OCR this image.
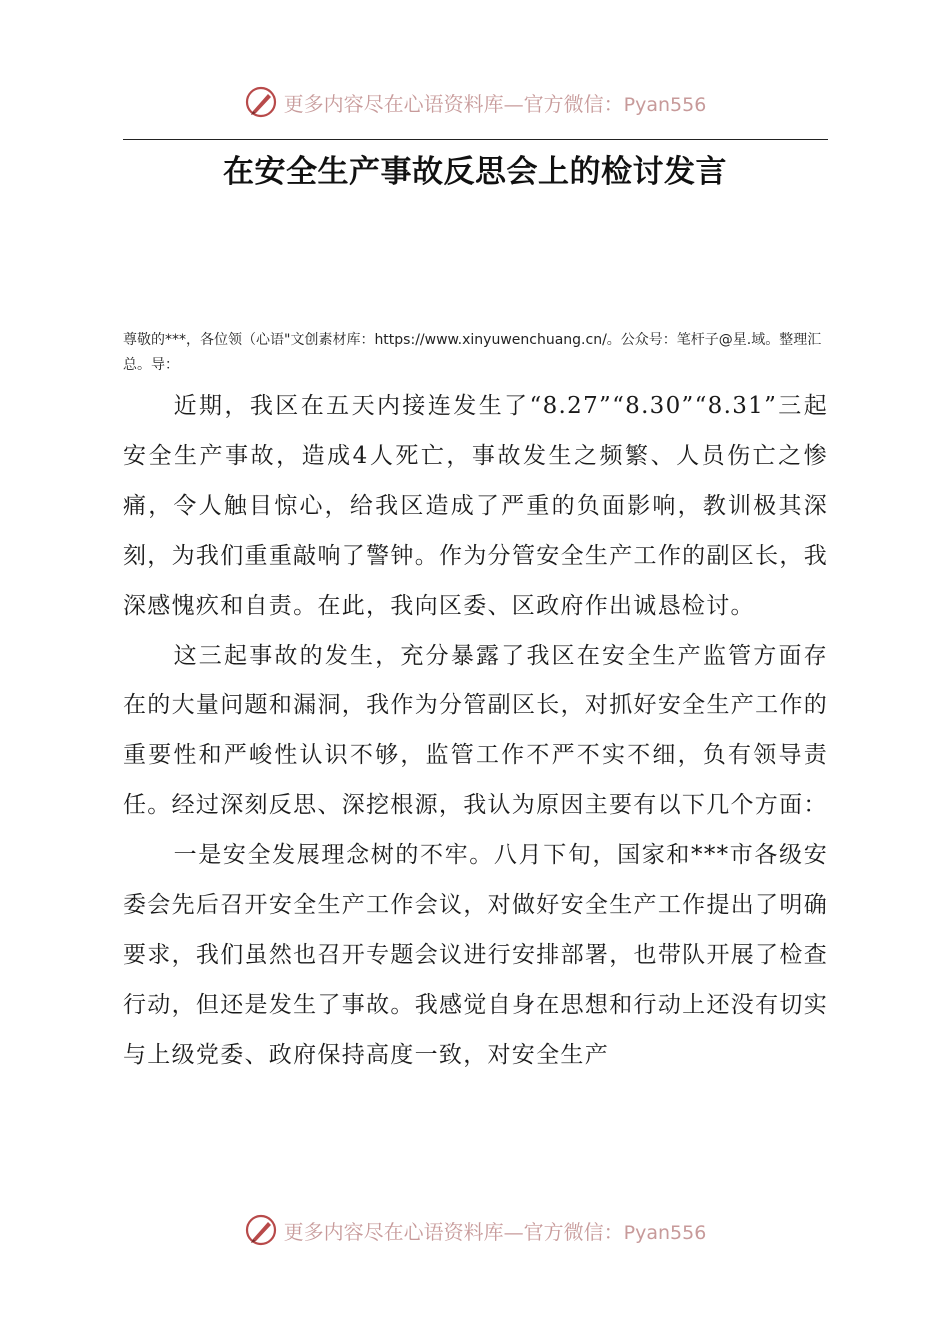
更多内容尽在心语资料库—官方微信：Pyan556
在安全生产事故反思会上的检讨发言
尊敬的***，各位领（心语"文创素材库：https://www.xinyuwenchuang.cn/。公众号：笔杆子@星.域。整理汇总。导：

近期，我区在五天内接连发生了“8.27”“8.30”“8.31”三起安全生产事故，造成4人死亡，事故发生之频繁、人员伤亡之惨痛，令人触目惊心，给我区造成了严重的负面影响，教训极其深刻，为我们重重敲响了警钟。作为分管安全生产工作的副区长，我深感愧疚和自责。在此，我向区委、区政府作出诚恳检讨。

这三起事故的发生，充分暴露了我区在安全生产监管方面存在的大量问题和漏洞，我作为分管副区长，对抓好安全生产工作的重要性和严峻性认识不够，监管工作不严不实不细，负有领导责任。经过深刻反思、深挖根源，我认为原因主要有以下几个方面：

一是安全发展理念树的不牢。八月下旬，国家和***市各级安委会先后召开安全生产工作会议，对做好安全生产工作提出了明确要求，我们虽然也召开专题会议进行安排部署，也带队开展了检查行动，但还是发生了事故。我感觉自身在思想和行动上还没有切实与上级党委、政府保持高度一致，对安全生产

更多内容尽在心语资料库—官方微信：Pyan556
